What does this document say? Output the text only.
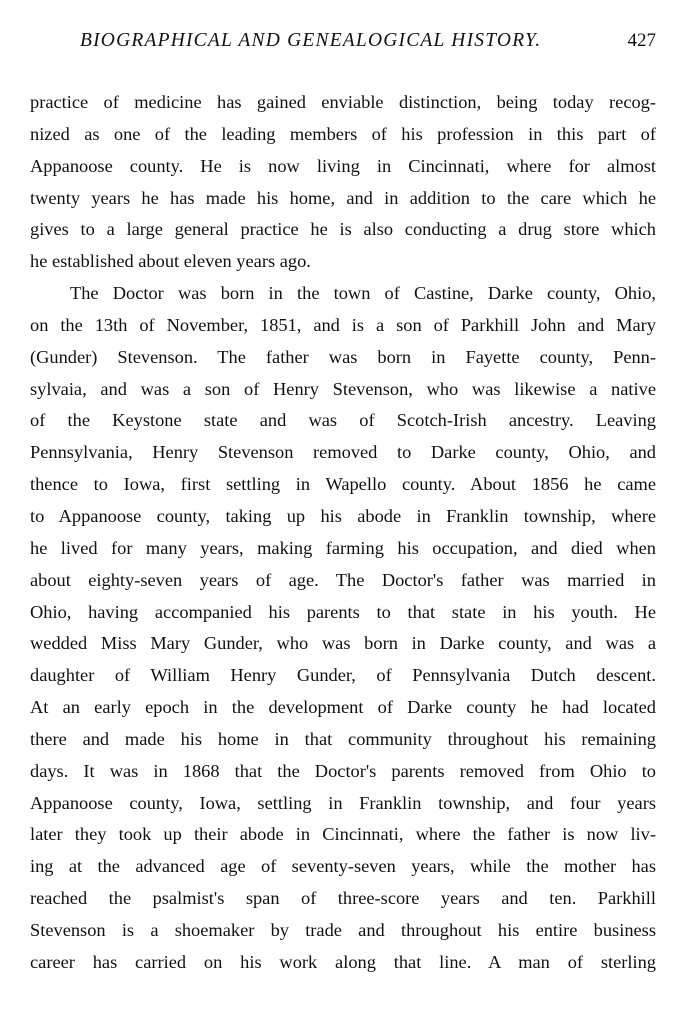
BIOGRAPHICAL AND GENEALOGICAL HISTORY.	427
practice of medicine has gained enviable distinction, being today recog-
nized as one of the leading members of his profession in this part of
Appanoose county. He is now living in Cincinnati, where for almost
twenty years he has made his home, and in addition to the care which he
gives to a large general practice he is also conducting a drug store which
he established about eleven years ago.
The Doctor was born in the town of Castine, Darke county, Ohio,
on the 13th of November, 1851, and is a son of Parkhill John and Mary
(Gunder) Stevenson. The father was born in Fayette county, Penn-
sylvaia, and was a son of Henry Stevenson, who was likewise a native
of the Keystone state and was of Scotch-Irish ancestry. Leaving
Pennsylvania, Henry Stevenson removed to Darke county, Ohio, and
thence to Iowa, first settling in Wapello county. About 1856 he came
to Appanoose county, taking up his abode in Franklin township, where
he lived for many years, making farming his occupation, and died when
about eighty-seven years of age. The Doctor's father was married in
Ohio, having accompanied his parents to that state in his youth. He
wedded Miss Mary Gunder, who was born in Darke county, and was a
daughter of William Henry Gunder, of Pennsylvania Dutch descent.
At an early epoch in the development of Darke county he had located
there and made his home in that community throughout his remaining
days. It was in 1868 that the Doctor's parents removed from Ohio to
Appanoose county, Iowa, settling in Franklin township, and four years
later they took up their abode in Cincinnati, where the father is now liv-
ing at the advanced age of seventy-seven years, while the mother has
reached the psalmist's span of three-score years and ten. Parkhill
Stevenson is a shoemaker by trade and throughout his entire business
career has carried on his work along that line. A man of sterling
